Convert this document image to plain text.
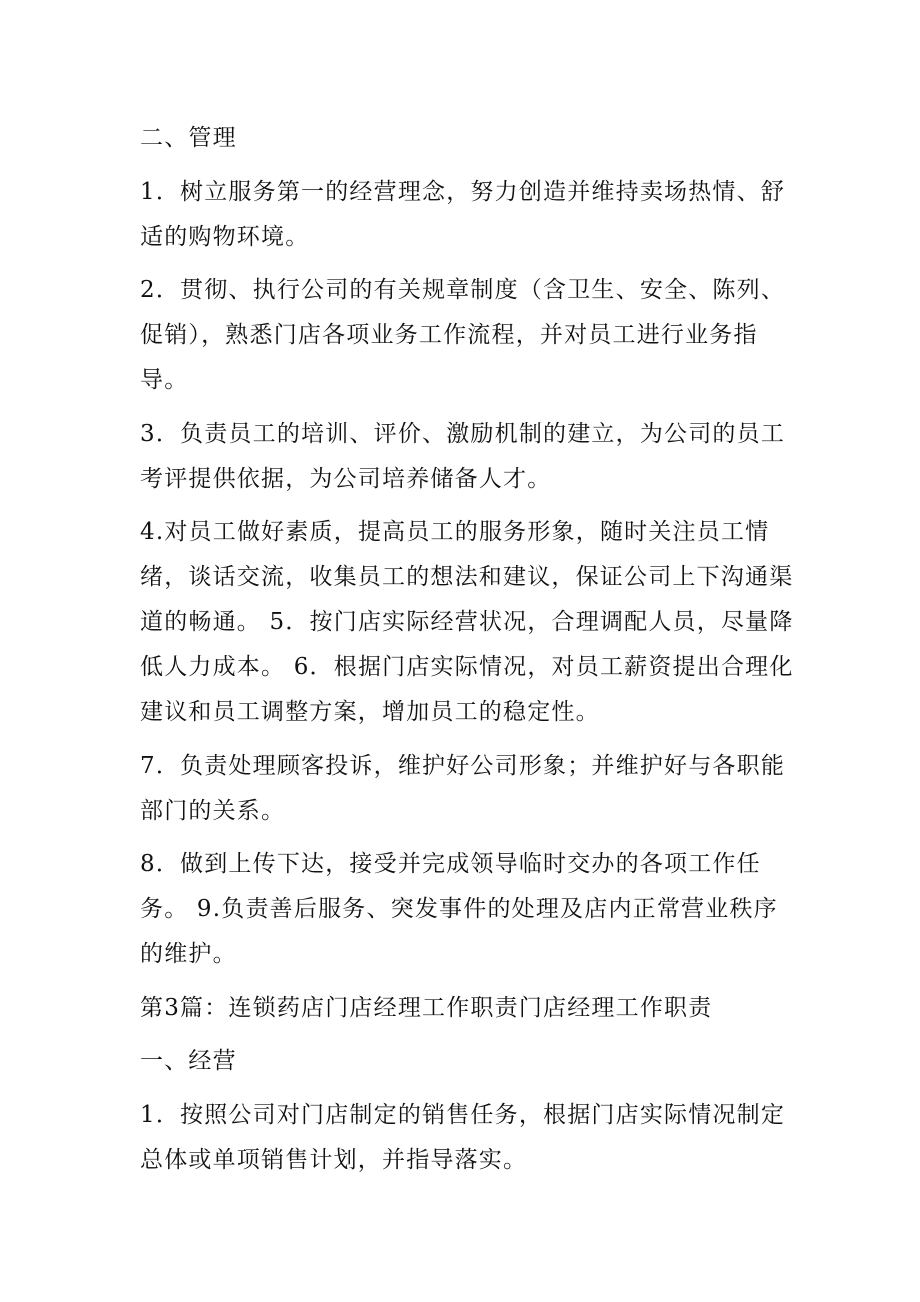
二、管理

1．树立服务第一的经营理念，努力创造并维持卖场热情、舒适的购物环境。

2．贯彻、执行公司的有关规章制度（含卫生、安全、陈列、促销），熟悉门店各项业务工作流程，并对员工进行业务指导。

3．负责员工的培训、评价、激励机制的建立，为公司的员工考评提供依据，为公司培养储备人才。

4.对员工做好素质，提高员工的服务形象，随时关注员工情绪，谈话交流，收集员工的想法和建议，保证公司上下沟通渠道的畅通。 5．按门店实际经营状况，合理调配人员，尽量降低人力成本。 6．根据门店实际情况，对员工薪资提出合理化建议和员工调整方案，增加员工的稳定性。

7．负责处理顾客投诉，维护好公司形象；并维护好与各职能部门的关系。

8．做到上传下达，接受并完成领导临时交办的各项工作任务。 9.负责善后服务、突发事件的处理及店内正常营业秩序的维护。

第3篇：连锁药店门店经理工作职责门店经理工作职责

一、经营

1．按照公司对门店制定的销售任务，根据门店实际情况制定总体或单项销售计划，并指导落实。
